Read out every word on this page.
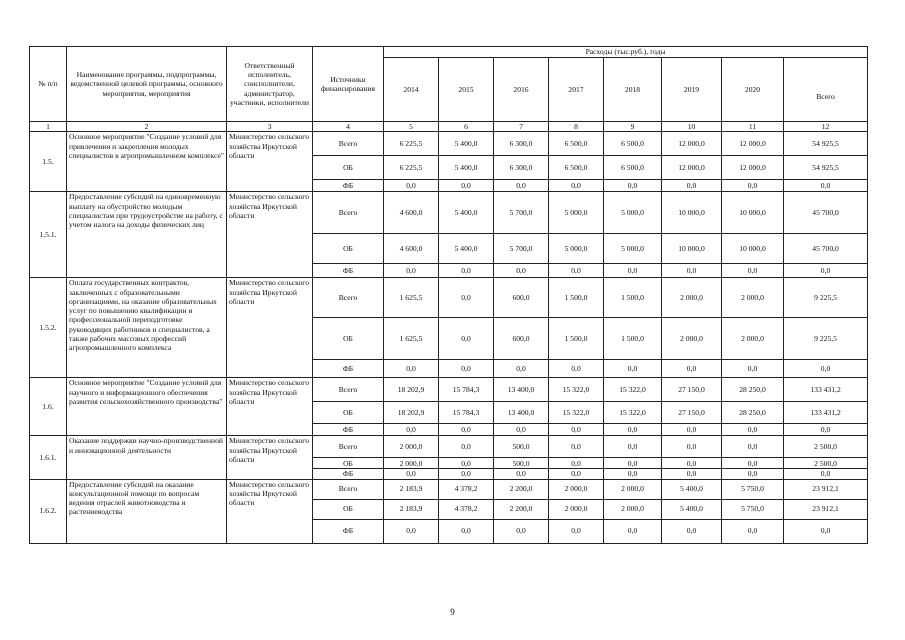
№ п/п	Наименование программы, подпрограммы, ведомственной целевой программы, основного мероприятия, мероприятия	Ответственный исполнитель, соисполнители, администратор, участники, исполнители	Источники финансирования	Расходы (тыс.руб.), годы							
				2014	2015	2016	2017	2018	2019	2020	Всего
1	2	3	4	5	6	7	8	9	10	11	12
1.5.	Основное мероприятие "Создание условий для привлечения и закрепления молодых специалистов в агропромышленном комплексе"	Министерство сельского хозяйства Иркутской области	Всего	6 225,5	5 400,0	6 300,0	6 500,0	6 500,0	12 000,0	12 000,0	54 925,5
			ОБ	6 225,5	5 400,0	6 300,0	6 500,0	6 500,0	12 000,0	12 000,0	54 925,5
			ФБ	0,0	0,0	0,0	0,0	0,0	0,0	0,0	0,0
1.5.1.	Предоставление субсидий на единовременную выплату на обустройство молодым специалистам при трудоустройстве на работу, с учетом налога на доходы физических лиц	Министерство сельского хозяйства Иркутской области	Всего	4 600,0	5 400,0	5 700,0	5 000,0	5 000,0	10 000,0	10 000,0	45 700,0
			ОБ	4 600,0	5 400,0	5 700,0	5 000,0	5 000,0	10 000,0	10 000,0	45 700,0
			ФБ	0,0	0,0	0,0	0,0	0,0	0,0	0,0	0,0
1.5.2.	Оплата государственных контрактов, заключенных с образовательными организациями, на оказание образовательных услуг по повышению квалификации и профессиональной переподготовке руководящих работников и специалистов, а также рабочих массовых профессий агропромышленного комплекса	Министерство сельского хозяйства Иркутской области	Всего	1 625,5	0,0	600,0	1 500,0	1 500,0	2 000,0	2 000,0	9 225,5
			ОБ	1 625,5	0,0	600,0	1 500,0	1 500,0	2 000,0	2 000,0	9 225,5
			ФБ	0,0	0,0	0,0	0,0	0,0	0,0	0,0	0,0
1.6.	Основное мероприятие "Создание условий для научного и информационного обеспечения развития сельскохозяйственного производства"	Министерство сельского хозяйства Иркутской области	Всего	18 202,9	15 784,3	13 400,0	15 322,0	15 322,0	27 150,0	28 250,0	133 431,2
			ОБ	18 202,9	15 784,3	13 400,0	15 322,0	15 322,0	27 150,0	28 250,0	133 431,2
			ФБ	0,0	0,0	0,0	0,0	0,0	0,0	0,0	0,0
1.6.1.	Оказание поддержки научно-производственной и инновационной деятельности	Министерство сельского хозяйства Иркутской области	Всего	2 000,0	0,0	500,0	0,0	0,0	0,0	0,0	2 500,0
			ОБ	2 000,0	0,0	500,0	0,0	0,0	0,0	0,0	2 500,0
			ФБ	0,0	0,0	0,0	0,0	0,0	0,0	0,0	0,0
1.6.2.	Предоставление субсидий на оказание консультационной помощи по вопросам ведения отраслей животноводства и растениеводства	Министерство сельского хозяйства Иркутской области	Всего	2 183,9	4 378,2	2 200,0	2 000,0	2 000,0	5 400,0	5 750,0	23 912,1
			ОБ	2 183,9	4 378,2	2 200,0	2 000,0	2 000,0	5 400,0	5 750,0	23 912,1
			ФБ	0,0	0,0	0,0	0,0	0,0	0,0	0,0	0,0
9
